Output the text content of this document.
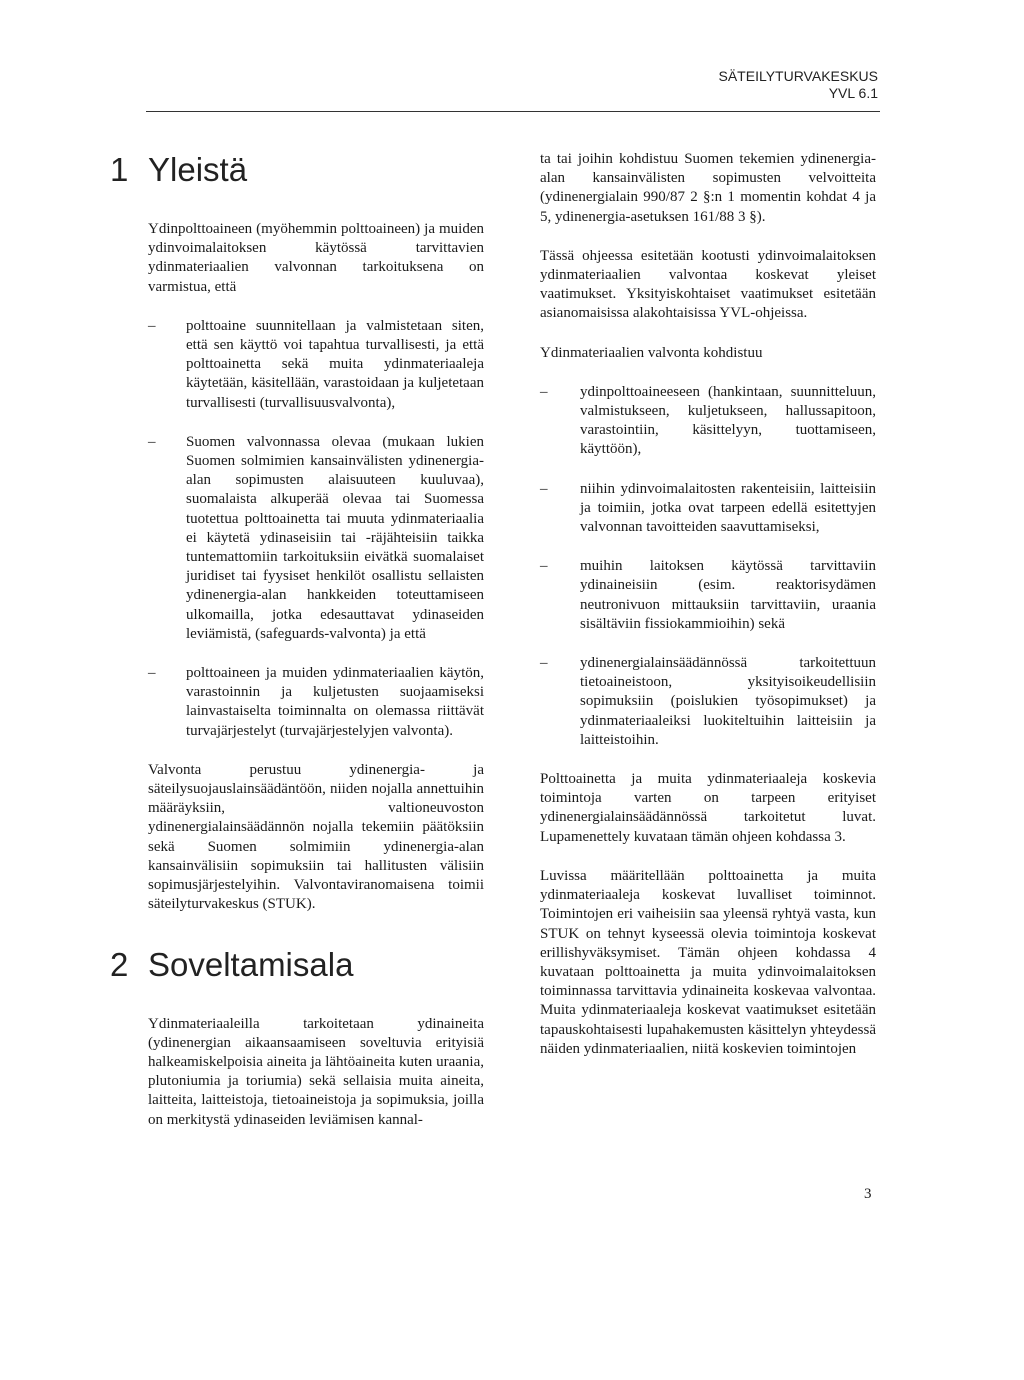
SÄTEILYTURVAKESKUS
YVL 6.1
1 Yleistä

Ydinpolttoaineen (myöhemmin polttoaineen) ja muiden ydinvoimalaitoksen käytössä tarvittavien ydinmateriaalien valvonnan tarkoituksena on varmistua, että

– polttoaine suunnitellaan ja valmistetaan siten, että sen käyttö voi tapahtua turvallisesti, ja että polttoainetta sekä muita ydinmateriaaleja käytetään, käsitellään, varastoidaan ja kuljetetaan turvallisesti (turvallisuusvalvonta),
– Suomen valvonnassa olevaa (mukaan lukien Suomen solmimien kansainvälisten ydinenergia-alan sopimusten alaisuuteen kuuluvaa), suomalaista alkuperää olevaa tai Suomessa tuotettua polttoainetta tai muuta ydinmateriaalia ei käytetä ydinaseisiin tai -räjähteisiin taikka tuntemattomiin tarkoituksiin eivätkä suomalaiset juridiset tai fyysiset henkilöt osallistu sellaisten ydinenergia-alan hankkeiden toteuttamiseen ulkomailla, jotka edesauttavat ydinaseiden leviämistä, (safeguards-valvonta) ja että
– polttoaineen ja muiden ydinmateriaalien käytön, varastoinnin ja kuljetusten suojaamiseksi lainvastaiselta toiminnalta on olemassa riittävät turvajärjestelyt (turvajärjestelyjen valvonta).

Valvonta perustuu ydinenergia- ja säteilysuojauslainsäädäntöön, niiden nojalla annettuihin määräyksiin, valtioneuvoston ydinenergialainsäädännön nojalla tekemiin päätöksiin sekä Suomen solmimiin ydinenergia-alan kansainvälisiin sopimuksiin tai hallitusten välisiin sopimusjärjestelyihin. Valvontaviranomaisena toimii säteilyturvakeskus (STUK).

2 Soveltamisala

Ydinmateriaaleilla tarkoitetaan ydinaineita (ydinenergian aikaansaamiseen soveltuvia erityisiä halkeamiskelpoisia aineita ja lähtöaineita kuten uraania, plutoniumia ja toriumia) sekä sellaisia muita aineita, laitteita, laitteistoja, tietoaineistoja ja sopimuksia, joilla on merkitystä ydinaseiden leviämisen kannal-

ta tai joihin kohdistuu Suomen tekemien ydinenergia-alan kansainvälisten sopimusten velvoitteita (ydinenergialain 990/87 2 §:n 1 momentin kohdat 4 ja 5, ydinenergia-asetuksen 161/88 3 §).

Tässä ohjeessa esitetään kootusti ydinvoimalaitoksen ydinmateriaalien valvontaa koskevat yleiset vaatimukset. Yksityiskohtaiset vaatimukset esitetään asianomaisissa alakohtaisissa YVL-ohjeissa.

Ydinmateriaalien valvonta kohdistuu

– ydinpolttoaineeseen (hankintaan, suunnitteluun, valmistukseen, kuljetukseen, hallussapitoon, varastointiin, käsittelyyn, tuottamiseen, käyttöön),
– niihin ydinvoimalaitosten rakenteisiin, laitteisiin ja toimiin, jotka ovat tarpeen edellä esitettyjen valvonnan tavoitteiden saavuttamiseksi,
– muihin laitoksen käytössä tarvittaviin ydinaineisiin (esim. reaktorisydämen neutronivuon mittauksiin tarvittaviin, uraania sisältäviin fissiokammioihin) sekä
– ydinenergialainsäädännössä tarkoitettuun tietoaineistoon, yksityisoikeudellisiin sopimuksiin (poislukien työsopimukset) ja ydinmateriaaleiksi luokiteltuihin laitteisiin ja laitteistoihin.

Polttoainetta ja muita ydinmateriaaleja koskevia toimintoja varten on tarpeen erityiset ydinenergialainsäädännössä tarkoitetut luvat. Lupamenettely kuvataan tämän ohjeen kohdassa 3.

Luvissa määritellään polttoainetta ja muita ydinmateriaaleja koskevat luvalliset toiminnot. Toimintojen eri vaiheisiin saa yleensä ryhtyä vasta, kun STUK on tehnyt kyseessä olevia toimintoja koskevat erillishyväksymiset. Tämän ohjeen kohdassa 4 kuvataan polttoainetta ja muita ydinvoimalaitoksen toiminnassa tarvittavia ydinaineita koskevaa valvontaa. Muita ydinmateriaaleja koskevat vaatimukset esitetään tapauskohtaisesti lupahakemusten käsittelyn yhteydessä näiden ydinmateriaalien, niitä koskevien toimintojen

3
